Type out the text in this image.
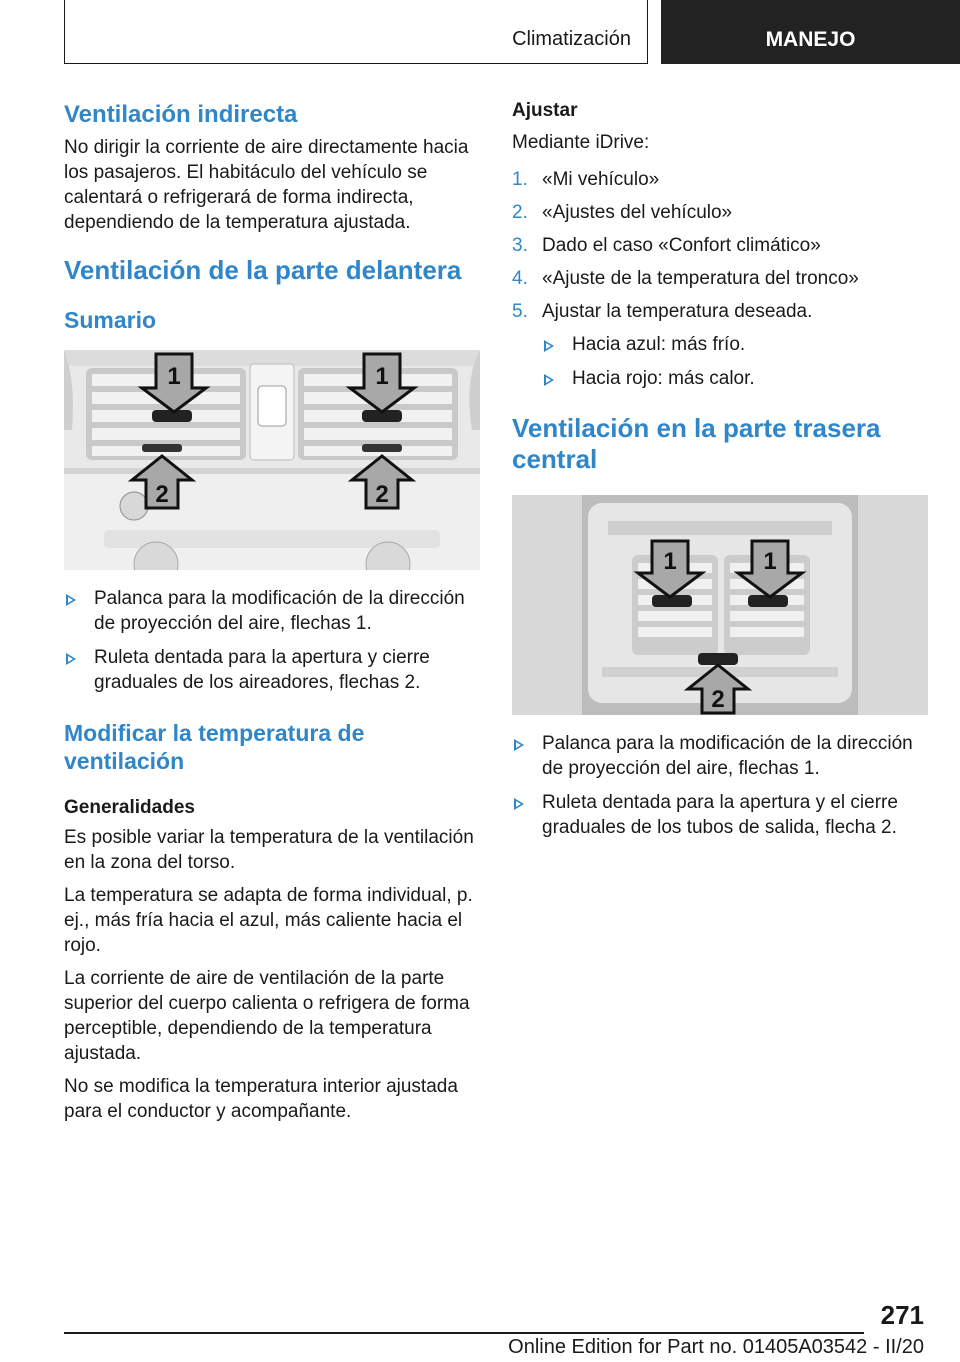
Climatización	MANEJO
Ventilación indirecta

No dirigir la corriente de aire directamente hacia los pasajeros. El habitáculo del vehículo se calentará o refrigerará de forma indirecta, dependiendo de la temperatura ajustada.

Ventilación de la parte delantera
Sumario
1	1
2	2
Palanca para la modificación de la dirección de proyección del aire, flechas 1.
Ruleta dentada para la apertura y cierre graduales de los aireadores, flechas 2.
Modificar la temperatura de ventilación
Generalidades

Es posible variar la temperatura de la ventilación en la zona del torso.

La temperatura se adapta de forma individual, p. ej., más fría hacia el azul, más caliente hacia el rojo.

La corriente de aire de ventilación de la parte superior del cuerpo calienta o refrigera de forma perceptible, dependiendo de la temperatura ajustada.

No se modifica la temperatura interior ajustada para el conductor y acompañante.

Ajustar

Mediante iDrive:

1. «Mi vehículo»
2. «Ajustes del vehículo»
3. Dado el caso «Confort climático»
4. «Ajuste de la temperatura del tronco»
5. Ajustar la temperatura deseada.
Hacia azul: más frío.
Hacia rojo: más calor.
Ventilación en la parte trasera central
1	1
2
Palanca para la modificación de la dirección de proyección del aire, flechas 1.
Ruleta dentada para la apertura y el cierre graduales de los tubos de salida, flecha 2.
271
Online Edition for Part no. 01405A03542 - II/20
